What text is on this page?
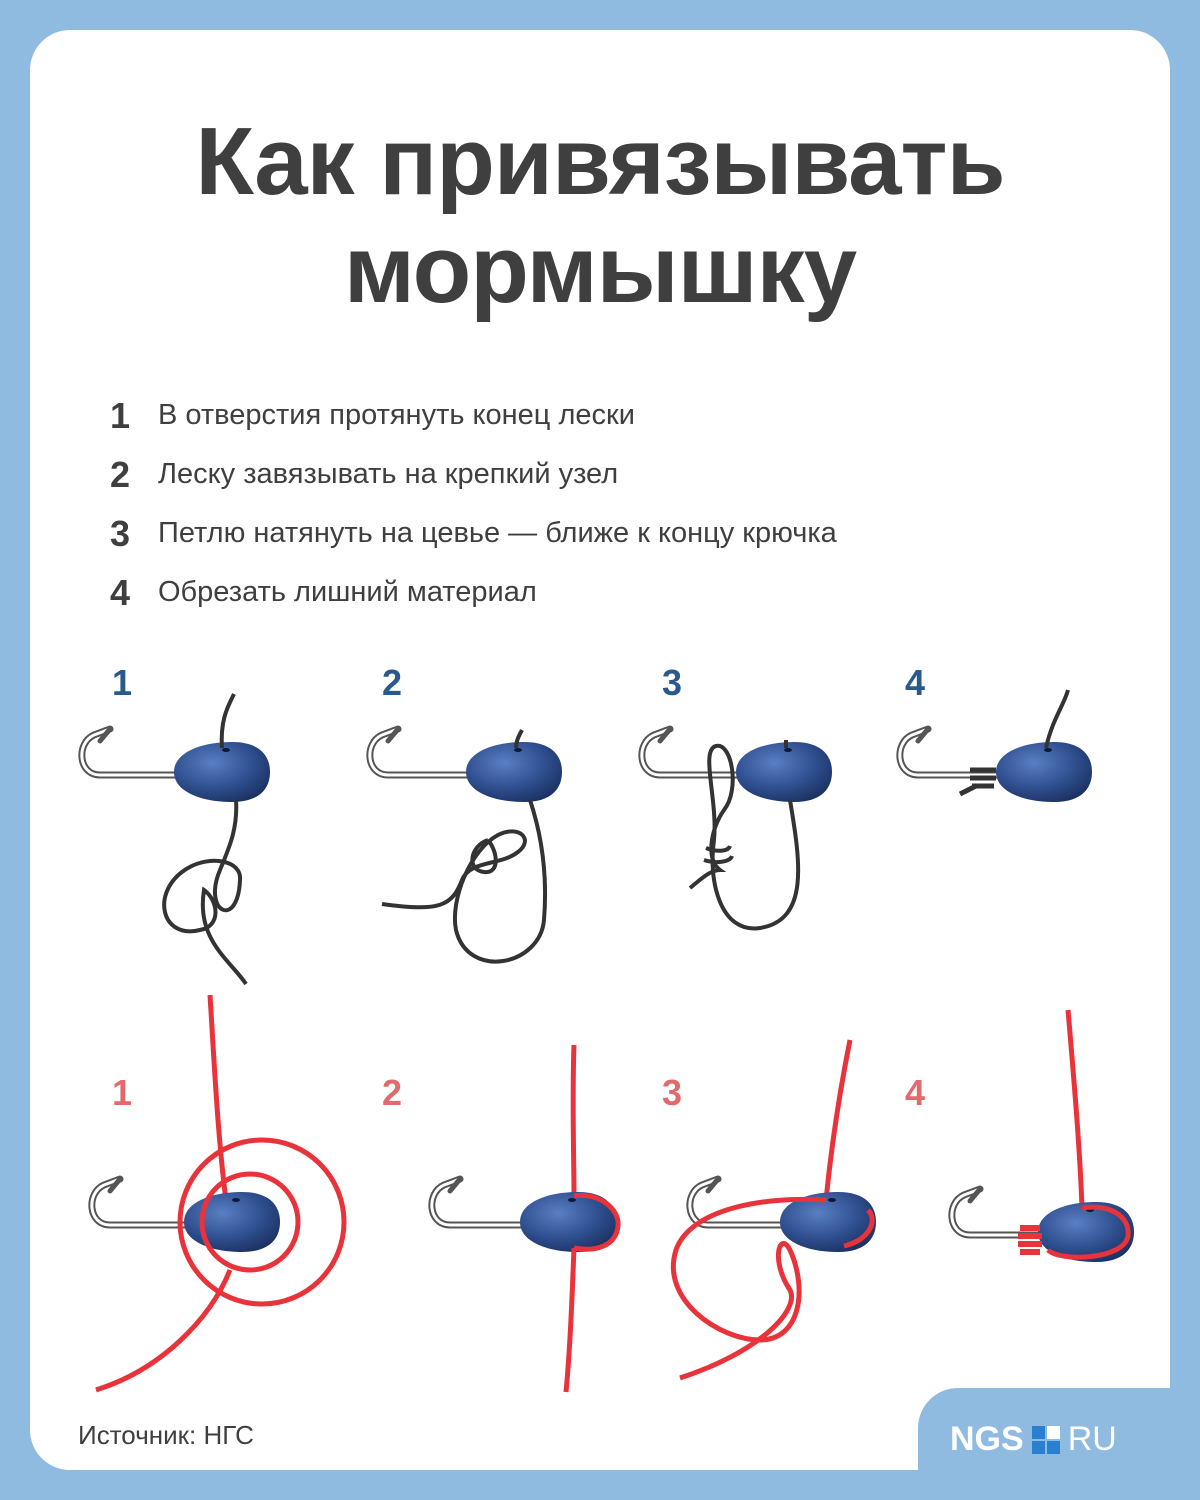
Как привязывать
мормышку
1 В отверстия протянуть конец лески
2 Леску завязывать на крепкий узел
3 Петлю натянуть на цевье — ближе к концу крючка
4 Обрезать лишний материал
1	2	3	4
1	2	3	4
Источник: НГС	NGS RU
